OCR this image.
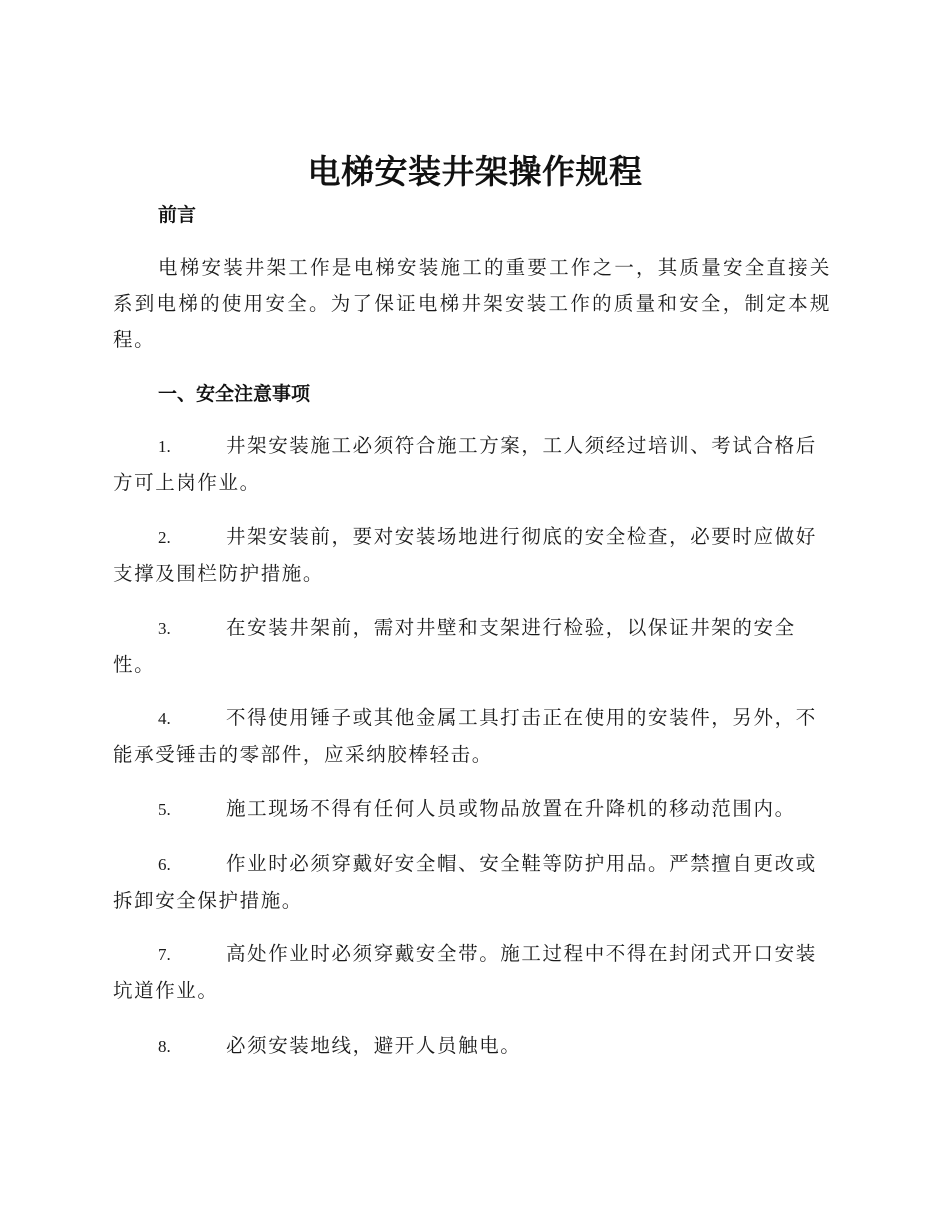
电梯安装井架操作规程
前言
电梯安装井架工作是电梯安装施工的重要工作之一，其质量安全直接关系到电梯的使用安全。为了保证电梯井架安装工作的质量和安全，制定本规程。
一、安全注意事项
1.	井架安装施工必须符合施工方案，工人须经过培训、考试合格后方可上岗作业。
2.	井架安装前，要对安装场地进行彻底的安全检查，必要时应做好支撑及围栏防护措施。
3.	在安装井架前，需对井壁和支架进行检验，以保证井架的安全性。
4.	不得使用锤子或其他金属工具打击正在使用的安装件，另外，不能承受锤击的零部件，应采纳胶棒轻击。
5.	施工现场不得有任何人员或物品放置在升降机的移动范围内。
6.	作业时必须穿戴好安全帽、安全鞋等防护用品。严禁擅自更改或拆卸安全保护措施。
7.	高处作业时必须穿戴安全带。施工过程中不得在封闭式开口安装坑道作业。
8.	必须安装地线，避开人员触电。
